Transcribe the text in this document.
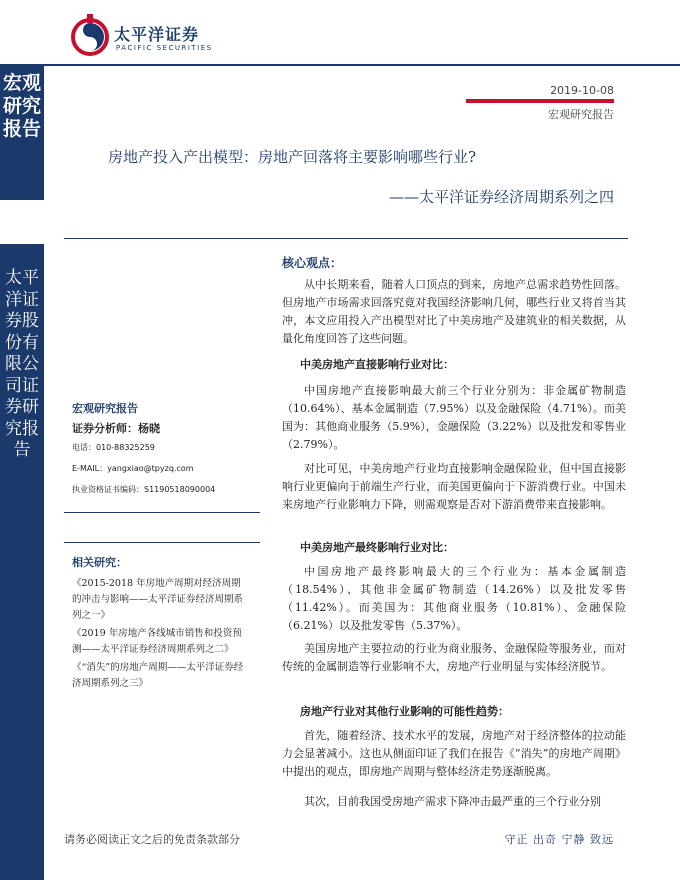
太平洋证券
PACIFIC SECURITIES
宏观研究报告
太平洋证券股份有限公司证券研究报告
2019-10-08
宏观研究报告
房地产投入产出模型：房地产回落将主要影响哪些行业?
——太平洋证券经济周期系列之四
宏观研究报告
证券分析师：杨晓
电话：010-88325259
E-MAIL：yangxiao@tpyzq.com
执业资格证书编码：S1190518090004
相关研究：

《2015-2018 年房地产周期对经济周期的冲击与影响——太平洋证券经济周期系列之一》

《2019 年房地产各线城市销售和投资预测——太平洋证券经济周期系列之二》

《“消失”的房地产周期——太平洋证券经济周期系列之三》

核心观点：

从中长期来看，随着人口顶点的到来，房地产总需求趋势性回落。但房地产市场需求回落究竟对我国经济影响几何，哪些行业又将首当其冲，本文应用投入产出模型对比了中美房地产及建筑业的相关数据，从量化角度回答了这些问题。

中美房地产直接影响行业对比：

中国房地产直接影响最大前三个行业分别为：非金属矿物制造（10.64%）、基本金属制造（7.95%）以及金融保险（4.71%）。而美国为：其他商业服务（5.9%），金融保险（3.22%）以及批发和零售业（2.79%）。

对比可见，中美房地产行业均直接影响金融保险业，但中国直接影响行业更偏向于前端生产行业，而美国更偏向于下游消费行业。中国未来房地产行业影响力下降，则需观察是否对下游消费带来直接影响。

中美房地产最终影响行业对比：

中国房地产最终影响最大的三个行业为：基本金属制造（18.54%）、其他非金属矿物制造（14.26%）以及批发零售（11.42%）。而美国为：其他商业服务（10.81%）、金融保险（6.21%）以及批发零售（5.37%）。

美国房地产主要拉动的行业为商业服务、金融保险等服务业，而对传统的金属制造等行业影响不大，房地产行业明显与实体经济脱节。

房地产行业对其他行业影响的可能性趋势：

首先，随着经济、技术水平的发展，房地产对于经济整体的拉动能力会显著减小。这也从侧面印证了我们在报告《“消失”的房地产周期》中提出的观点，即房地产周期与整体经济走势逐渐脱离。

其次，目前我国受房地产需求下降冲击最严重的三个行业分别

请务必阅读正文之后的免责条款部分	守正 出奇 宁静 致远
